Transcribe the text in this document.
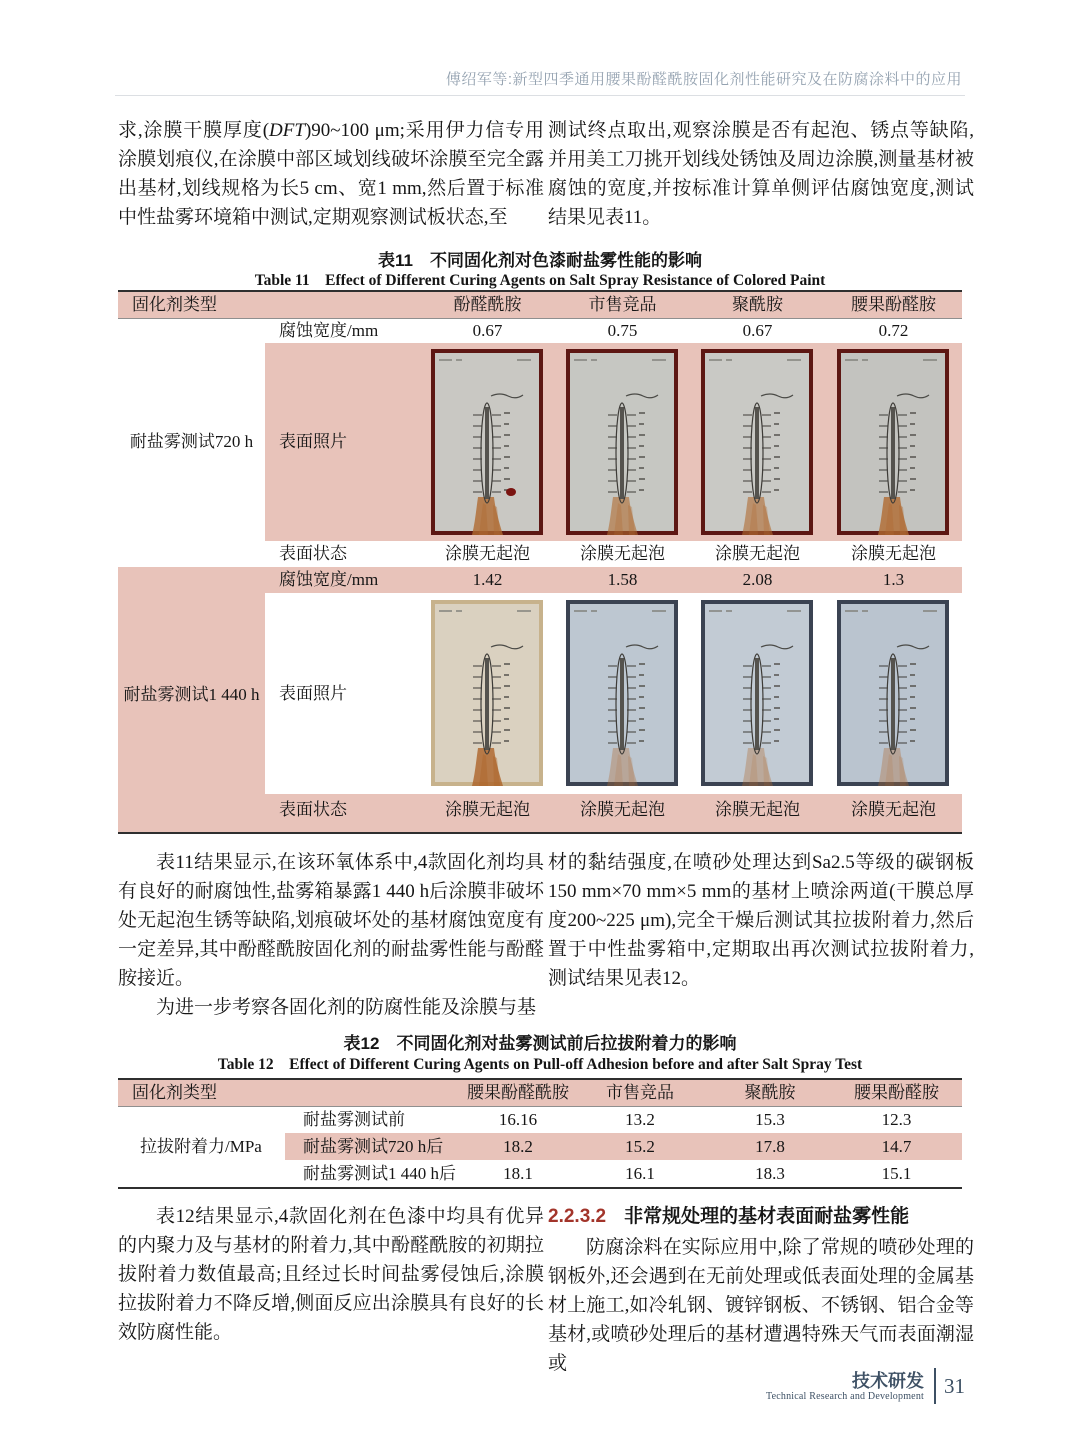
傅绍军等:新型四季通用腰果酚醛酰胺固化剂性能研究及在防腐涂料中的应用

求,涂膜干膜厚度(DFT)90~100 μm;采用伊力信专用涂膜划痕仪,在涂膜中部区域划线破坏涂膜至完全露出基材,划线规格为长5 cm、宽1 mm,然后置于标准中性盐雾环境箱中测试,定期观察测试板状态,至

测试终点取出,观察涂膜是否有起泡、锈点等缺陷,并用美工刀挑开划线处锈蚀及周边涂膜,测量基材被腐蚀的宽度,并按标准计算单侧评估腐蚀宽度,测试结果见表11。

表11　不同固化剂对色漆耐盐雾性能的影响
Table 11　Effect of Different Curing Agents on Salt Spray Resistance of Colored Paint
固化剂类型	酚醛酰胺	市售竞品	聚酰胺	腰果酚醛胺
腐蚀宽度/mm	0.67	0.75	0.67	0.72
耐盐雾测试720 h	表面照片
表面状态	涂膜无起泡	涂膜无起泡	涂膜无起泡	涂膜无起泡
腐蚀宽度/mm	1.42	1.58	2.08	1.3
耐盐雾测试1 440 h	表面照片
表面状态	涂膜无起泡	涂膜无起泡	涂膜无起泡	涂膜无起泡

表11结果显示,在该环氧体系中,4款固化剂均具有良好的耐腐蚀性,盐雾箱暴露1 440 h后涂膜非破坏处无起泡生锈等缺陷,划痕破坏处的基材腐蚀宽度有一定差异,其中酚醛酰胺固化剂的耐盐雾性能与酚醛胺接近。

为进一步考察各固化剂的防腐性能及涂膜与基

材的黏结强度,在喷砂处理达到Sa2.5等级的碳钢板150 mm×70 mm×5 mm的基材上喷涂两道(干膜总厚度200~225 μm),完全干燥后测试其拉拔附着力,然后置于中性盐雾箱中,定期取出再次测试拉拔附着力,测试结果见表12。

表12　不同固化剂对盐雾测试前后拉拔附着力的影响
Table 12　Effect of Different Curing Agents on Pull-off Adhesion before and after Salt Spray Test
固化剂类型	腰果酚醛酰胺	市售竞品	聚酰胺	腰果酚醛胺
拉拔附着力/MPa
耐盐雾测试前	16.16	13.2	15.3	12.3
耐盐雾测试720 h后	18.2	15.2	17.8	14.7
耐盐雾测试1 440 h后	18.1	16.1	18.3	15.1

表12结果显示,4款固化剂在色漆中均具有优异的内聚力及与基材的附着力,其中酚醛酰胺的初期拉拔附着力数值最高;且经过长时间盐雾侵蚀后,涂膜拉拔附着力不降反增,侧面反应出涂膜具有良好的长效防腐性能。

2.2.3.2 非常规处理的基材表面耐盐雾性能

防腐涂料在实际应用中,除了常规的喷砂处理的钢板外,还会遇到在无前处理或低表面处理的金属基材上施工,如冷轧钢、镀锌钢板、不锈钢、铝合金等基材,或喷砂处理后的基材遭遇特殊天气而表面潮湿或

技术研发
Technical Research and Development 31
